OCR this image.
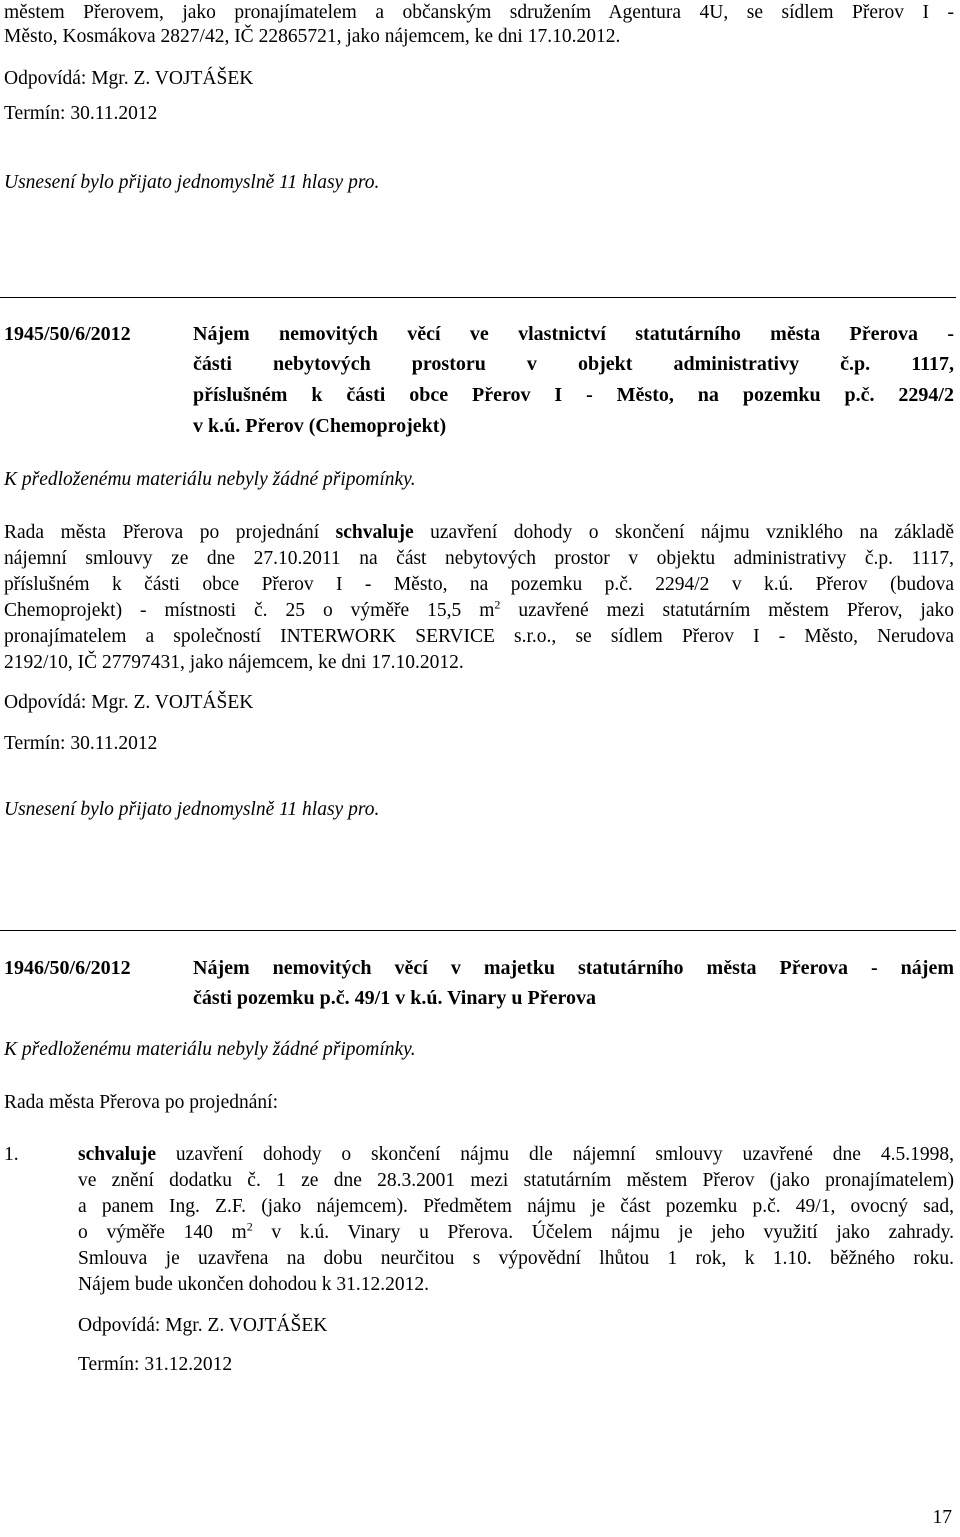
městem Přerovem, jako pronajímatelem a občanským sdružením Agentura 4U, se sídlem Přerov I -

Město, Kosmákova 2827/42, IČ 22865721, jako nájemcem, ke dni 17.10.2012.

Odpovídá: Mgr. Z. VOJTÁŠEK

Termín: 30.11.2012

Usnesení bylo přijato jednomyslně 11 hlasy pro.

1945/50/6/2012	Nájem nemovitých věcí ve vlastnictví statutárního města Přerova -

části nebytových prostoru v objekt administrativy č.p. 1117,

příslušném k části obce Přerov I - Město, na pozemku p.č. 2294/2

v k.ú. Přerov (Chemoprojekt)

K předloženému materiálu nebyly žádné připomínky.

Rada města Přerova po projednání schvaluje uzavření dohody o skončení nájmu vzniklého na základě

nájemní smlouvy ze dne 27.10.2011 na část nebytových prostor v objektu administrativy č.p. 1117,

příslušném k části obce Přerov I - Město, na pozemku p.č. 2294/2 v k.ú. Přerov (budova

Chemoprojekt) - místnosti č. 25 o výměře 15,5 $m^2$ uzavřené mezi statutárním městem Přerov, jako

pronajímatelem a společností INTERWORK SERVICE s.r.o., se sídlem Přerov I - Město, Nerudova

2192/10, IČ 27797431, jako nájemcem, ke dni 17.10.2012.

Odpovídá: Mgr. Z. VOJTÁŠEK

Termín: 30.11.2012

Usnesení bylo přijato jednomyslně 11 hlasy pro.

1946/50/6/2012	Nájem nemovitých věcí v majetku statutárního města Přerova - nájem

části pozemku p.č. 49/1 v k.ú. Vinary u Přerova

K předloženému materiálu nebyly žádné připomínky.

Rada města Přerova po projednání:

1.	schvaluje uzavření dohody o skončení nájmu dle nájemní smlouvy uzavřené dne 4.5.1998,

ve znění dodatku č. 1 ze dne 28.3.2001 mezi statutárním městem Přerov (jako pronajímatelem)

a panem Ing. Z.F. (jako nájemcem). Předmětem nájmu je část pozemku p.č. 49/1, ovocný sad,

o výměře 140 $m^2$ v k.ú. Vinary u Přerova. Účelem nájmu je jeho využití jako zahrady.

Smlouva je uzavřena na dobu neurčitou s výpovědní lhůtou 1 rok, k 1.10. běžného roku.

Nájem bude ukončen dohodou k 31.12.2012.

Odpovídá: Mgr. Z. VOJTÁŠEK

Termín: 31.12.2012

17
